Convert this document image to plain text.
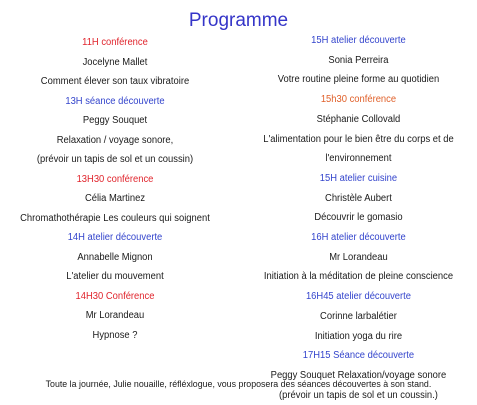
Programme
11H conférence
Jocelyne Mallet
Comment élever son taux vibratoire
13H séance découverte
Peggy Souquet
Relaxation / voyage sonore,
(prévoir un tapis de sol et un coussin)
13H30 conférence
Célia Martinez
Chromathothérapie Les couleurs qui soignent
14H atelier découverte
Annabelle Mignon
L'atelier du mouvement
14H30 Conférence
Mr Lorandeau
Hypnose ?
15H atelier découverte
Sonia Perreira
Votre routine pleine forme au quotidien
15h30 conférence
Stéphanie Collovald
L'alimentation pour le bien être du corps et de
l'environnement
15H atelier cuisine
Christèle Aubert
Découvrir le gomasio
16H atelier découverte
Mr Lorandeau
Initiation à la méditation de pleine conscience
16H45 atelier découverte
Corinne larbalétier
Initiation yoga du rire
17H15 Séance découverte
Peggy Souquet Relaxation/voyage sonore
(prévoir un tapis de sol et un coussin.)
Toute la journée, Julie nouaille, réfléxlogue, vous proposera des séances découvertes à son stand.
